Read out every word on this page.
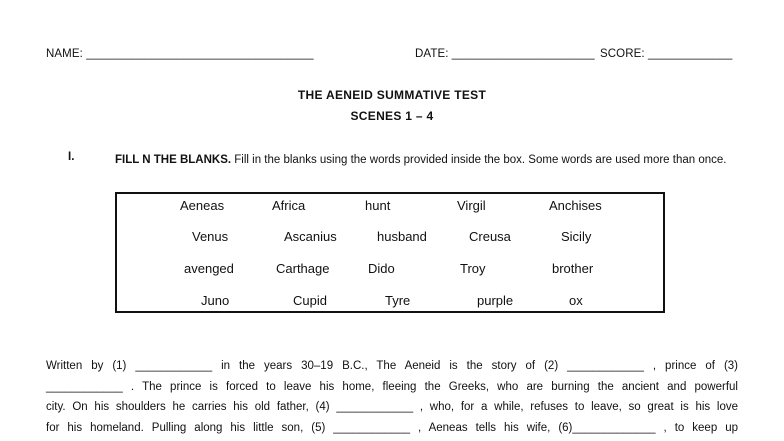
NAME: ___________________________________	DATE: ______________________ SCORE: _____________
THE AENEID SUMMATIVE TEST
SCENES 1 – 4
I.	FILL N THE BLANKS. Fill in the blanks using the words provided inside the box. Some words are used more than once.
Aeneas	Africa	hunt	Virgil	Anchises
Venus	Ascanius	husband	Creusa	Sicily
avenged	Carthage	Dido	Troy	brother
Juno	Cupid	Tyre	purple	ox
Written by (1) ____________ in the years 30–19 B.C., The Aeneid is the story of (2) ____________ , prince of (3)
____________ . The prince is forced to leave his home, fleeing the Greeks, who are burning the ancient and powerful
city. On his shoulders he carries his old father, (4) ____________ , who, for a while, refuses to leave, so great is his love
for his homeland. Pulling along his little son, (5) ____________ , Aeneas tells his wife, (6)_____________ , to keep up
